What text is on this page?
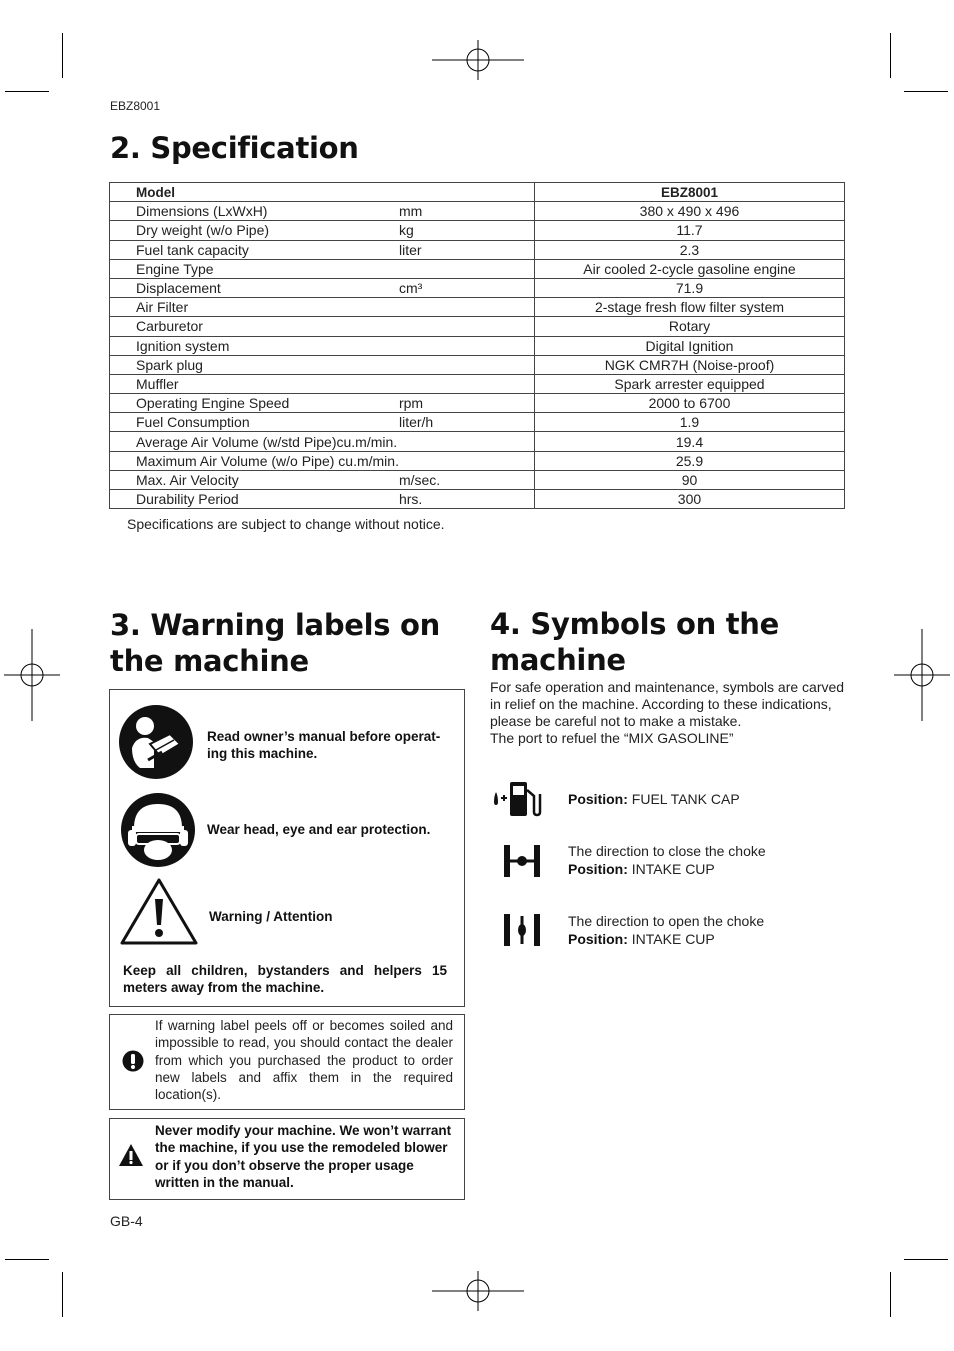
EBZ8001
2. Specification
Model		EBZ8001
Dimensions (LxWxH)	mm	380 x 490 x 496
Dry weight (w/o Pipe)	kg	11.7
Fuel tank capacity	liter	2.3
Engine Type		Air cooled 2-cycle gasoline engine
Displacement	cm³	71.9
Air Filter		2-stage fresh flow filter system
Carburetor		Rotary
Ignition system		Digital Ignition
Spark plug		NGK CMR7H (Noise-proof)
Muffler		Spark arrester equipped
Operating Engine Speed	rpm	2000 to 6700
Fuel Consumption	liter/h	1.9
Average Air Volume (w/std Pipe)cu.m/min.		19.4
Maximum Air Volume (w/o Pipe) cu.m/min.		25.9
Max. Air Velocity	m/sec.	90
Durability Period	hrs.	300
Specifications are subject to change without notice.
3. Warning labels on the machine
4. Symbols on the machine
Read owner’s manual before operat-ing this machine.
Wear head, eye and ear protection.
Warning / Attention
Keep all children, bystanders and helpers 15 meters away from the machine.
If warning label peels off or becomes soiled and impossible to read, you should contact the dealer from which you purchased the product to order new labels and affix them in the required location(s).
Never modify your machine. We won’t warrant the machine, if you use the remodeled blower or if you don’t observe the proper usage written in the manual.
For safe operation and maintenance, symbols are carved in relief on the machine. According to these indications, please be careful not to make a mistake.
The port to refuel the “MIX GASOLINE”
Position: FUEL TANK CAP
The direction to close the choke
Position: INTAKE CUP
The direction to open the choke
Position: INTAKE CUP
GB-4
